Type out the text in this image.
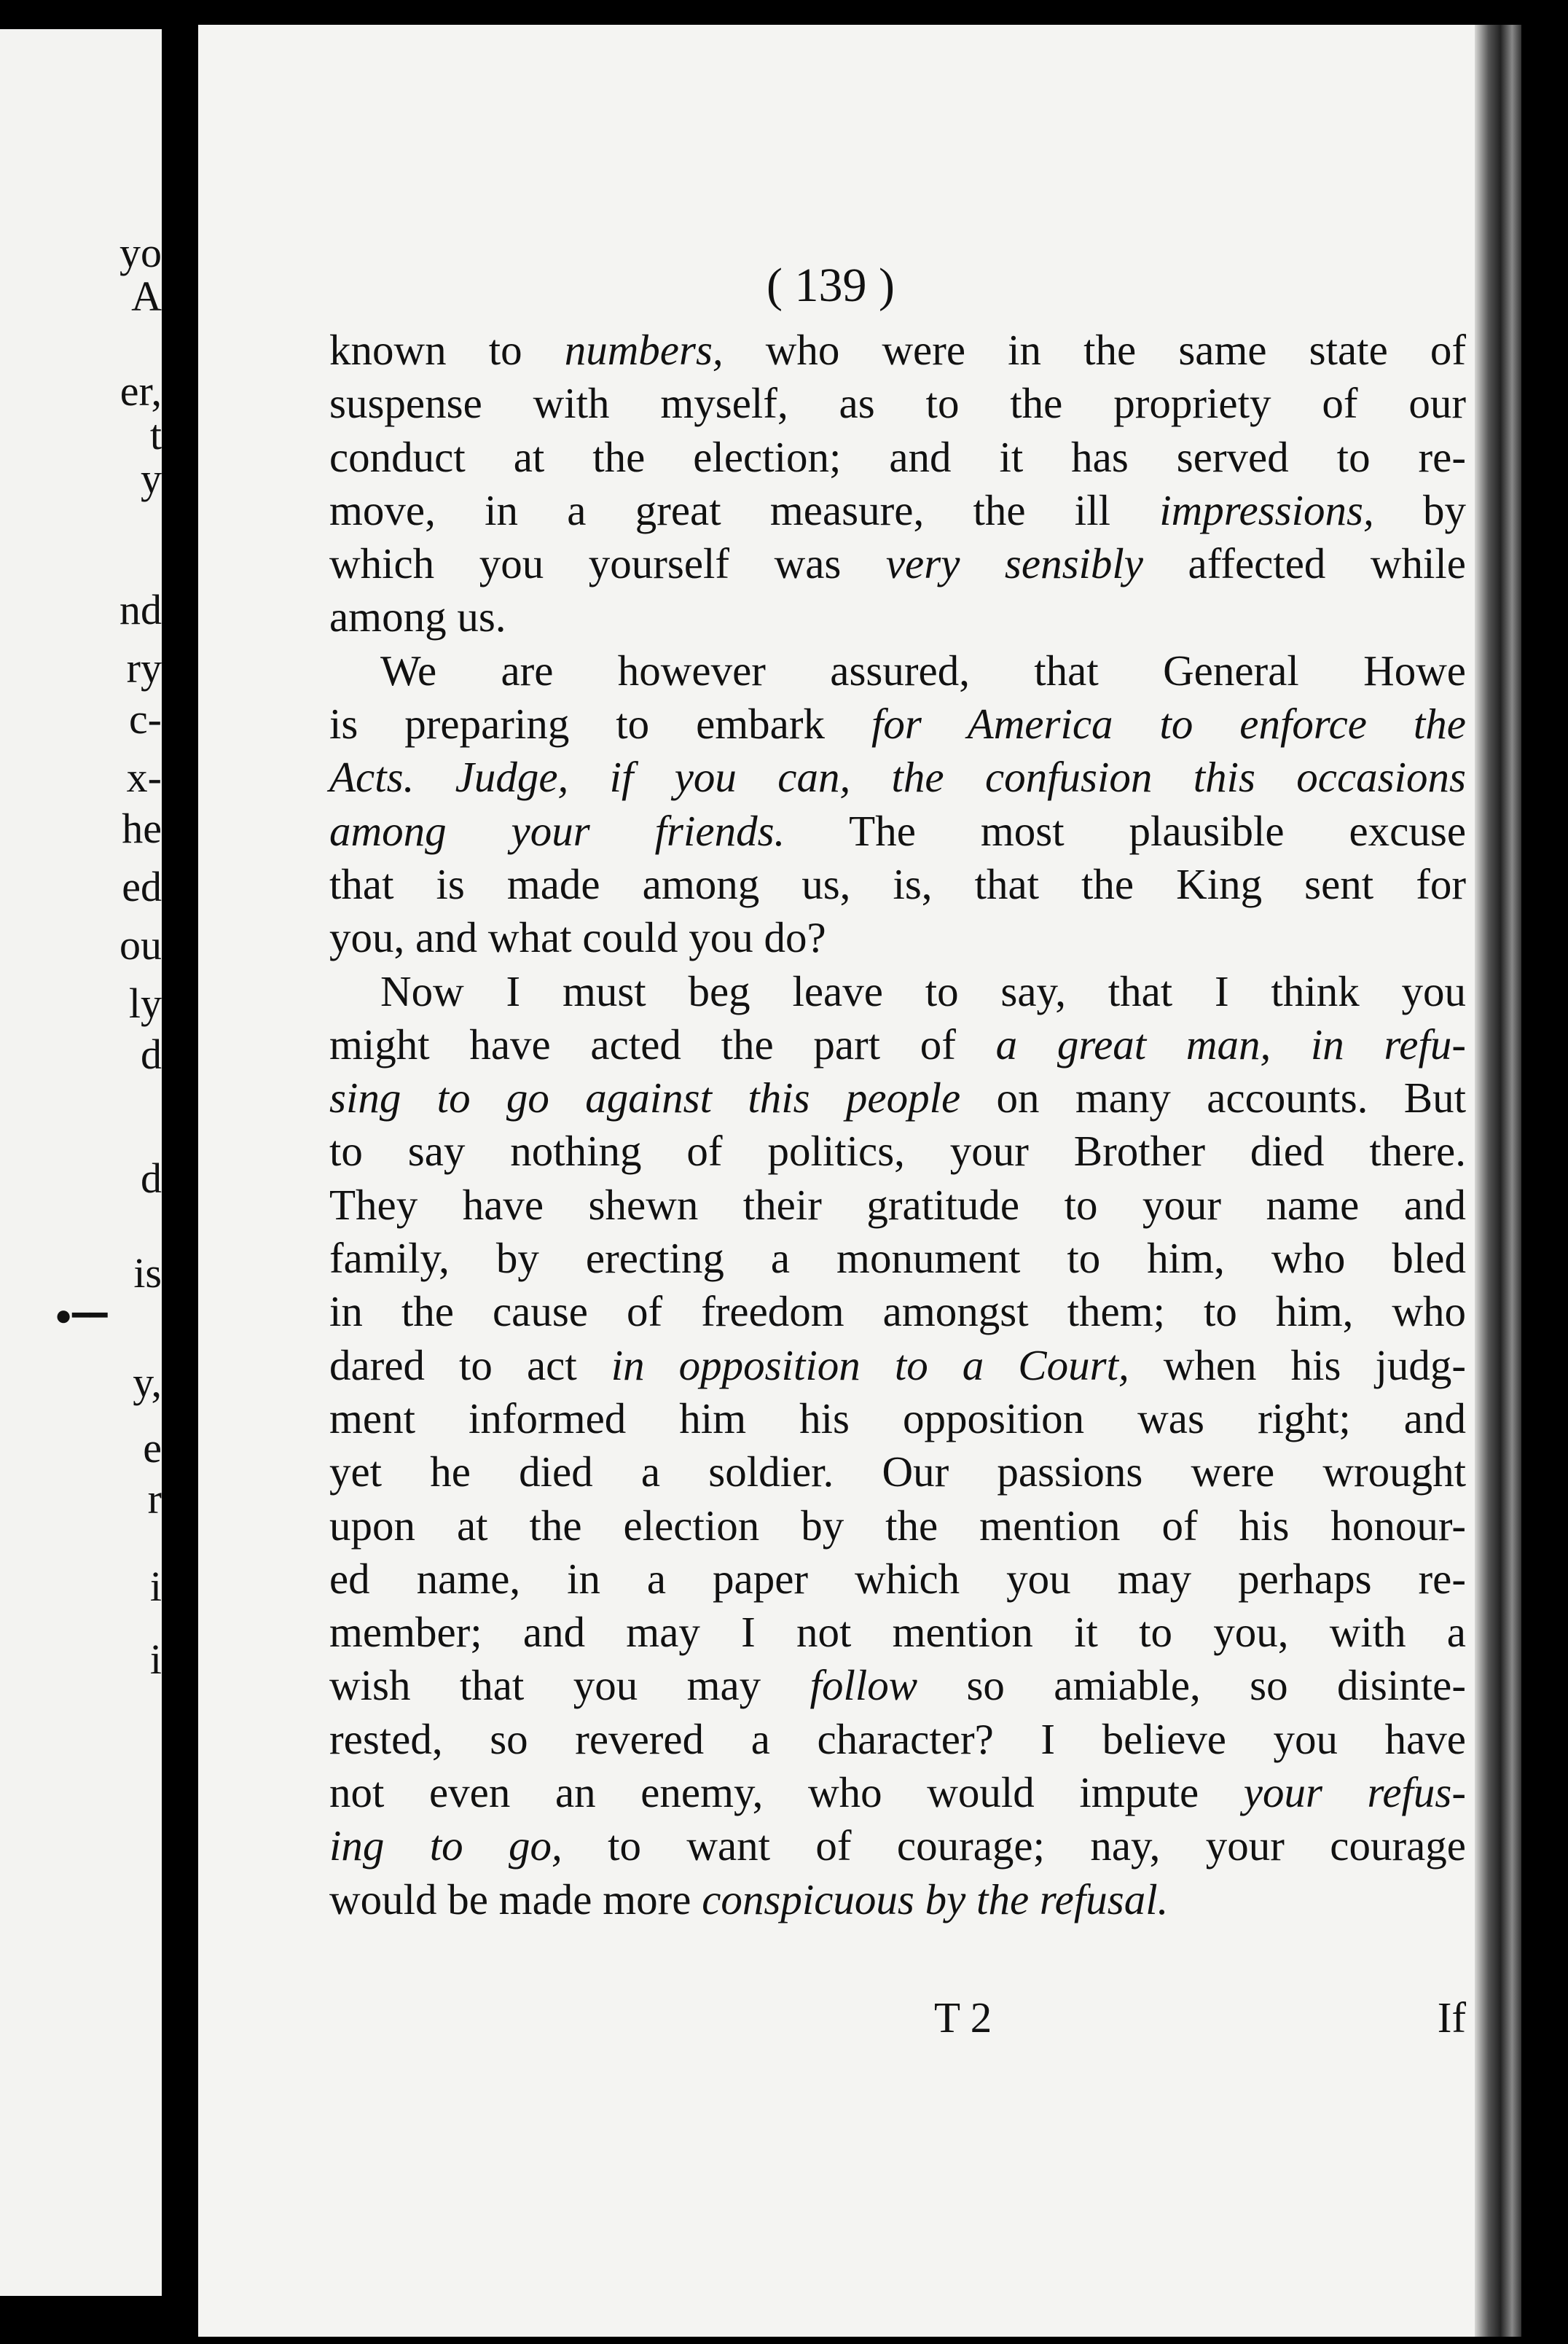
yo
A
er,
t
y
nd
ry
c-
x-
he
ed
ou
ly
d
d
is
y,
e
r
i
i

( 139 )
known to numbers, who were in the same state of
suspense with myself, as to the propriety of our
conduct at the election; and it has served to re-
move, in a great measure, the ill impressions, by
which you yourself was very sensibly affected while
among us.
We are however assured, that General Howe
is preparing to embark for America to enforce the
Acts. Judge, if you can, the confusion this occasions
among your friends. The most plausible excuse
that is made among us, is, that the King sent for
you, and what could you do?
Now I must beg leave to say, that I think you
might have acted the part of a great man, in refu-
sing to go against this people on many accounts. But
to say nothing of politics, your Brother died there.
They have shewn their gratitude to your name and
family, by erecting a monument to him, who bled
in the cause of freedom amongst them; to him, who
dared to act in opposition to a Court, when his judg-
ment informed him his opposition was right; and
yet he died a soldier. Our passions were wrought
upon at the election by the mention of his honour-
ed name, in a paper which you may perhaps re-
member; and may I not mention it to you, with a
wish that you may follow so amiable, so disinte-
rested, so revered a character? I believe you have
not even an enemy, who would impute your refus-
ing to go, to want of courage; nay, your courage
would be made more conspicuous by the refusal.
T 2	If
●━━
